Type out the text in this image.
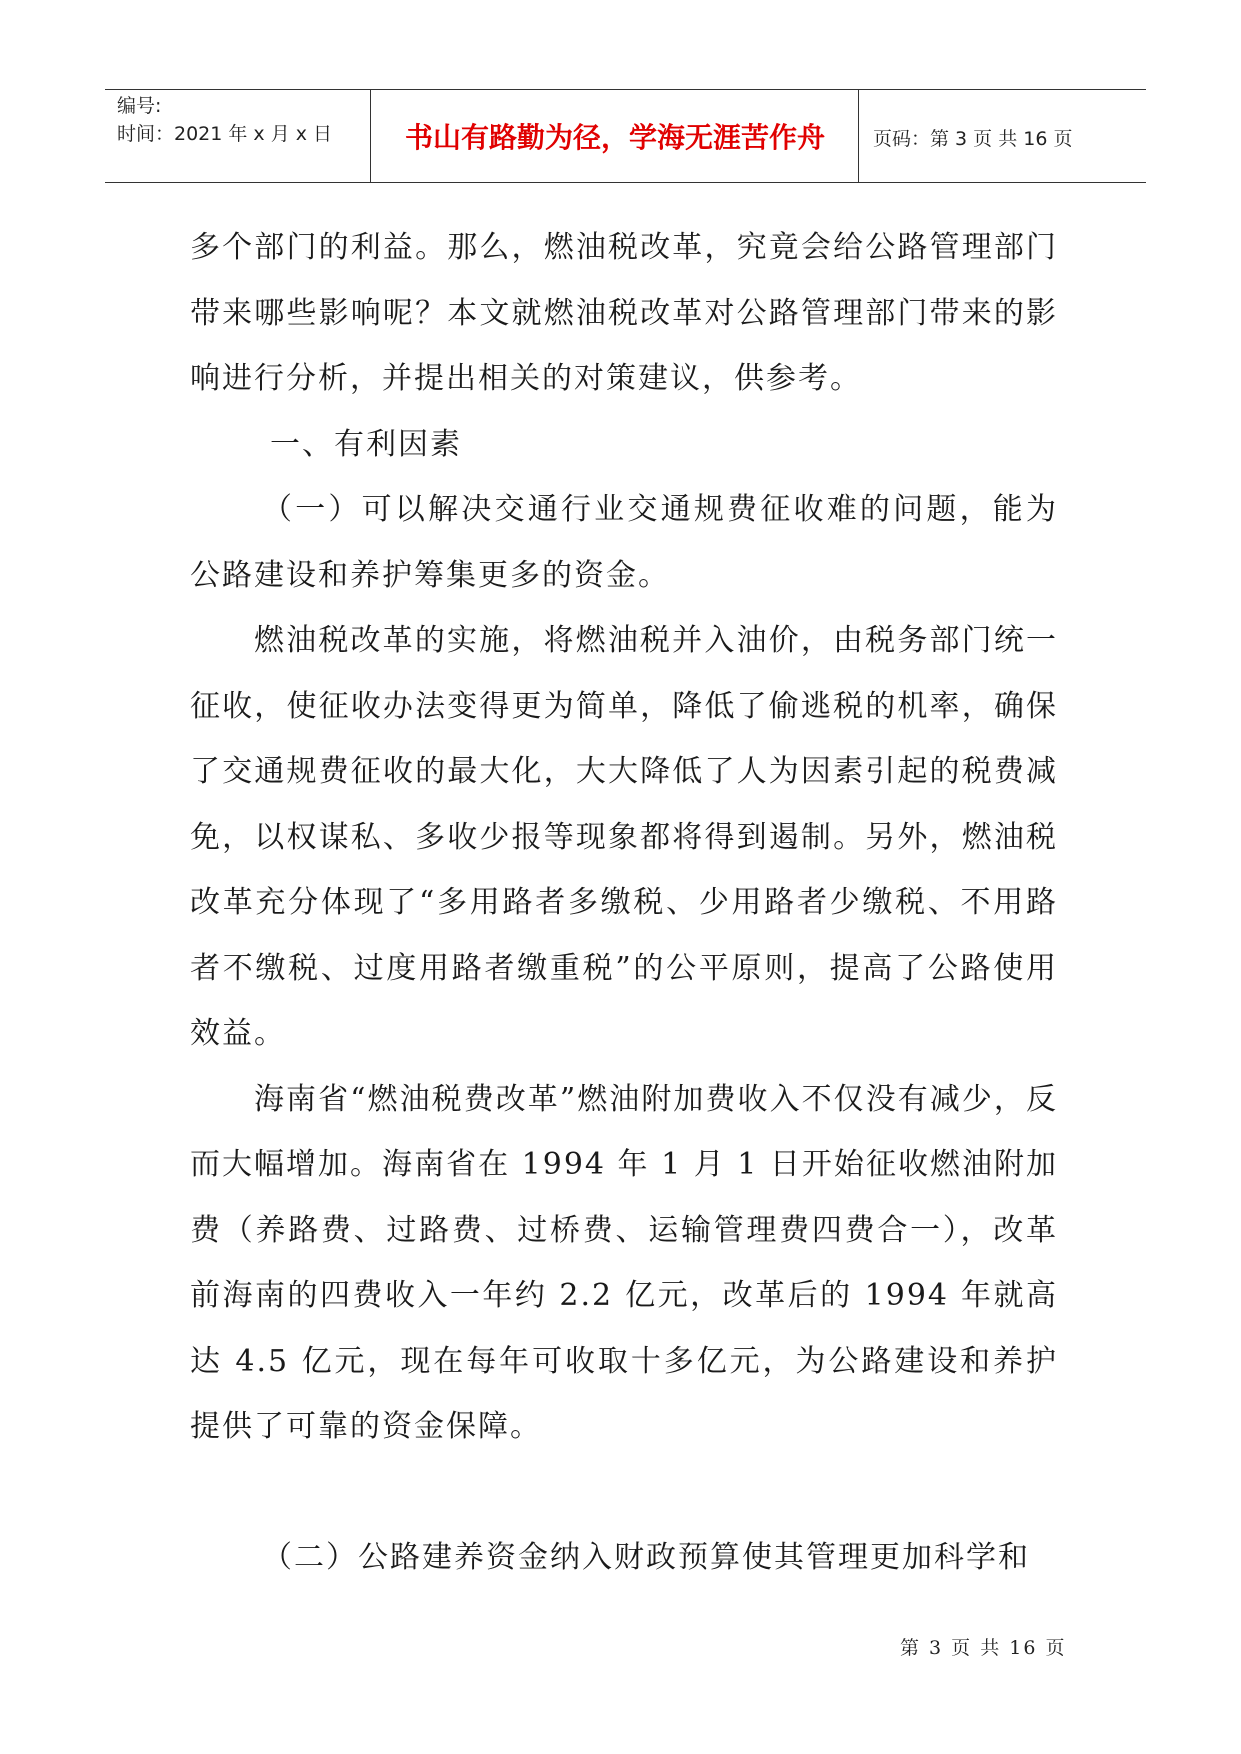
编号:
时间：2021 年 x 月 x 日	书山有路勤为径，学海无涯苦作舟	页码：第 3 页 共 16 页

多个部门的利益。那么，燃油税改革，究竟会给公路管理部门带来哪些影响呢？本文就燃油税改革对公路管理部门带来的影响进行分析，并提出相关的对策建议，供参考。

一、有利因素

（一）可以解决交通行业交通规费征收难的问题，能为公路建设和养护筹集更多的资金。

燃油税改革的实施，将燃油税并入油价，由税务部门统一征收，使征收办法变得更为简单，降低了偷逃税的机率，确保了交通规费征收的最大化，大大降低了人为因素引起的税费减免，以权谋私、多收少报等现象都将得到遏制。另外，燃油税改革充分体现了“多用路者多缴税、少用路者少缴税、不用路者不缴税、过度用路者缴重税”的公平原则，提高了公路使用效益。

海南省“燃油税费改革”燃油附加费收入不仅没有减少，反而大幅增加。海南省在 1994 年 1 月 1 日开始征收燃油附加费（养路费、过路费、过桥费、运输管理费四费合一），改革前海南的四费收入一年约 2.2 亿元，改革后的 1994 年就高达 4.5 亿元，现在每年可收取十多亿元，为公路建设和养护提供了可靠的资金保障。

（二）公路建养资金纳入财政预算使其管理更加科学和

第 3 页 共 16 页
